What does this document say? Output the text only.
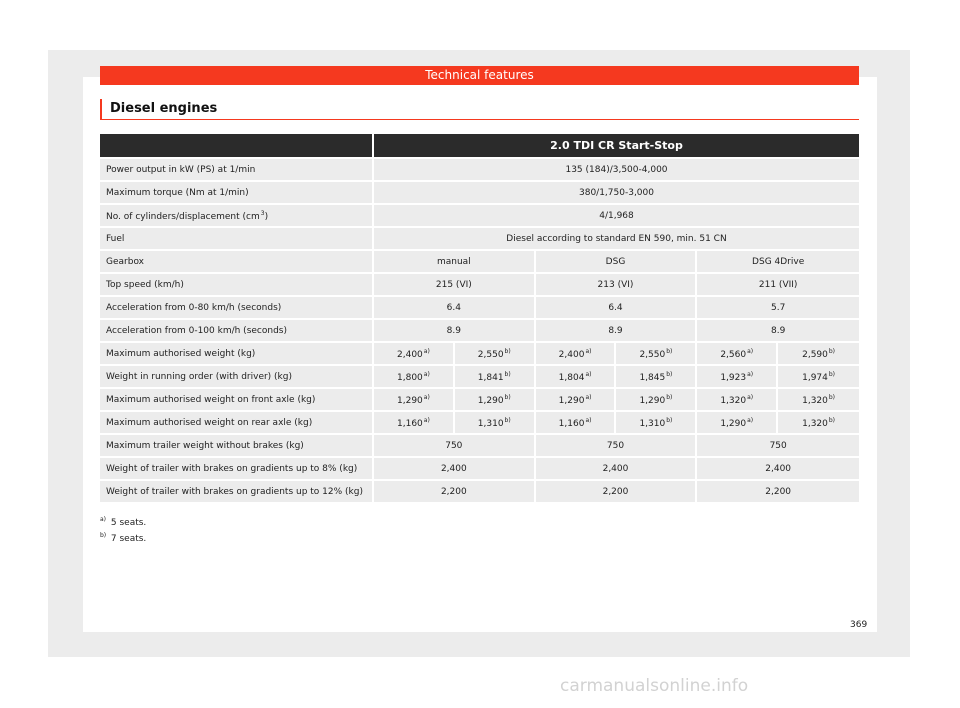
Technical features
Diesel engines
	2.0 TDI CR Start-Stop					
Power output in kW (PS) at 1/min	135 (184)/3,500-4,000					
Maximum torque (Nm at 1/min)	380/1,750-3,000					
No. of cylinders/displacement $(cm^3)$	4/1,968					
Fuel	Diesel according to standard EN 590, min. 51 CN					
Gearbox	manual		DSG		DSG 4Drive	
Top speed (km/h)	215 (VI)		213 (VI)		211 (VII)	
Acceleration from 0-80 km/h (seconds)	6.4		6.4		5.7	
Acceleration from 0-100 km/h (seconds)	8.9		8.9		8.9	
Maximum authorised weight (kg)	2,400$^{a)}$	2,550$^{b)}$	2,400$^{a)}$	2,550$^{b)}$	2,560$^{a)}$	2,590$^{b)}$
Weight in running order (with driver) (kg)	1,800$^{a)}$	1,841$^{b)}$	1,804$^{a)}$	1,845$^{b)}$	1,923$^{a)}$	1,974$^{b)}$
Maximum authorised weight on front axle (kg)	1,290$^{a)}$	1,290$^{b)}$	1,290$^{a)}$	1,290$^{b)}$	1,320$^{a)}$	1,320$^{b)}$
Maximum authorised weight on rear axle (kg)	1,160$^{a)}$	1,310$^{b)}$	1,160$^{a)}$	1,310$^{b)}$	1,290$^{a)}$	1,320$^{b)}$
Maximum trailer weight without brakes (kg)	750		750		750	
Weight of trailer with brakes on gradients up to 8% (kg)	2,400		2,400		2,400	
Weight of trailer with brakes on gradients up to 12% (kg)	2,200		2,200		2,200	
a) 5 seats.
b) 7 seats.
369
carmanualsonline.info
